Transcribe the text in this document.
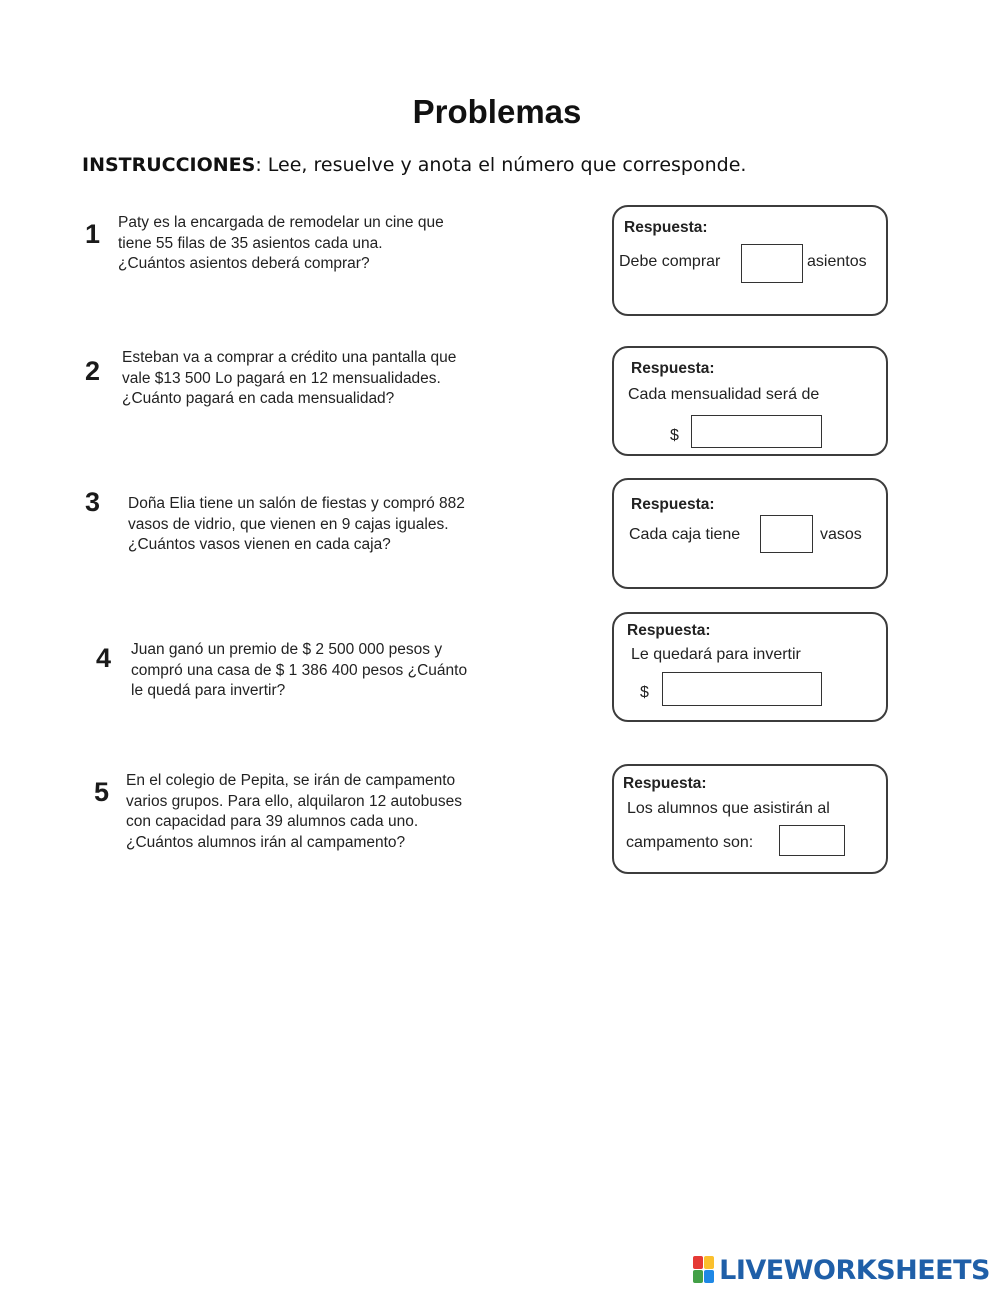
Problemas
INSTRUCCIONES: Lee, resuelve y anota el número que corresponde.
1 Paty es la encargada de remodelar un cine que
tiene 55 filas de 35 asientos cada una.
¿Cuántos asientos deberá comprar?
Respuesta:
Debe comprar	asientos
2 Esteban va a comprar a crédito una pantalla que
vale $13 500 Lo pagará en 12 mensualidades.
¿Cuánto pagará en cada mensualidad?
Respuesta:
Cada mensualidad será de
$
3 Doña Elia tiene un salón de fiestas y compró 882
vasos de vidrio, que vienen en 9 cajas iguales.
¿Cuántos vasos vienen en cada caja?
Respuesta:
Cada caja tiene	vasos
4 Juan ganó un premio de $ 2 500 000 pesos y
compró una casa de $ 1 386 400 pesos ¿Cuánto
le quedá para invertir?
Respuesta:
Le quedará para invertir
$
5 En el colegio de Pepita, se irán de campamento
varios grupos. Para ello, alquilaron 12 autobuses
con capacidad para 39 alumnos cada uno.
¿Cuántos alumnos irán al campamento?
Respuesta:
Los alumnos que asistirán al
campamento son:
LIVEWORKSHEETS
